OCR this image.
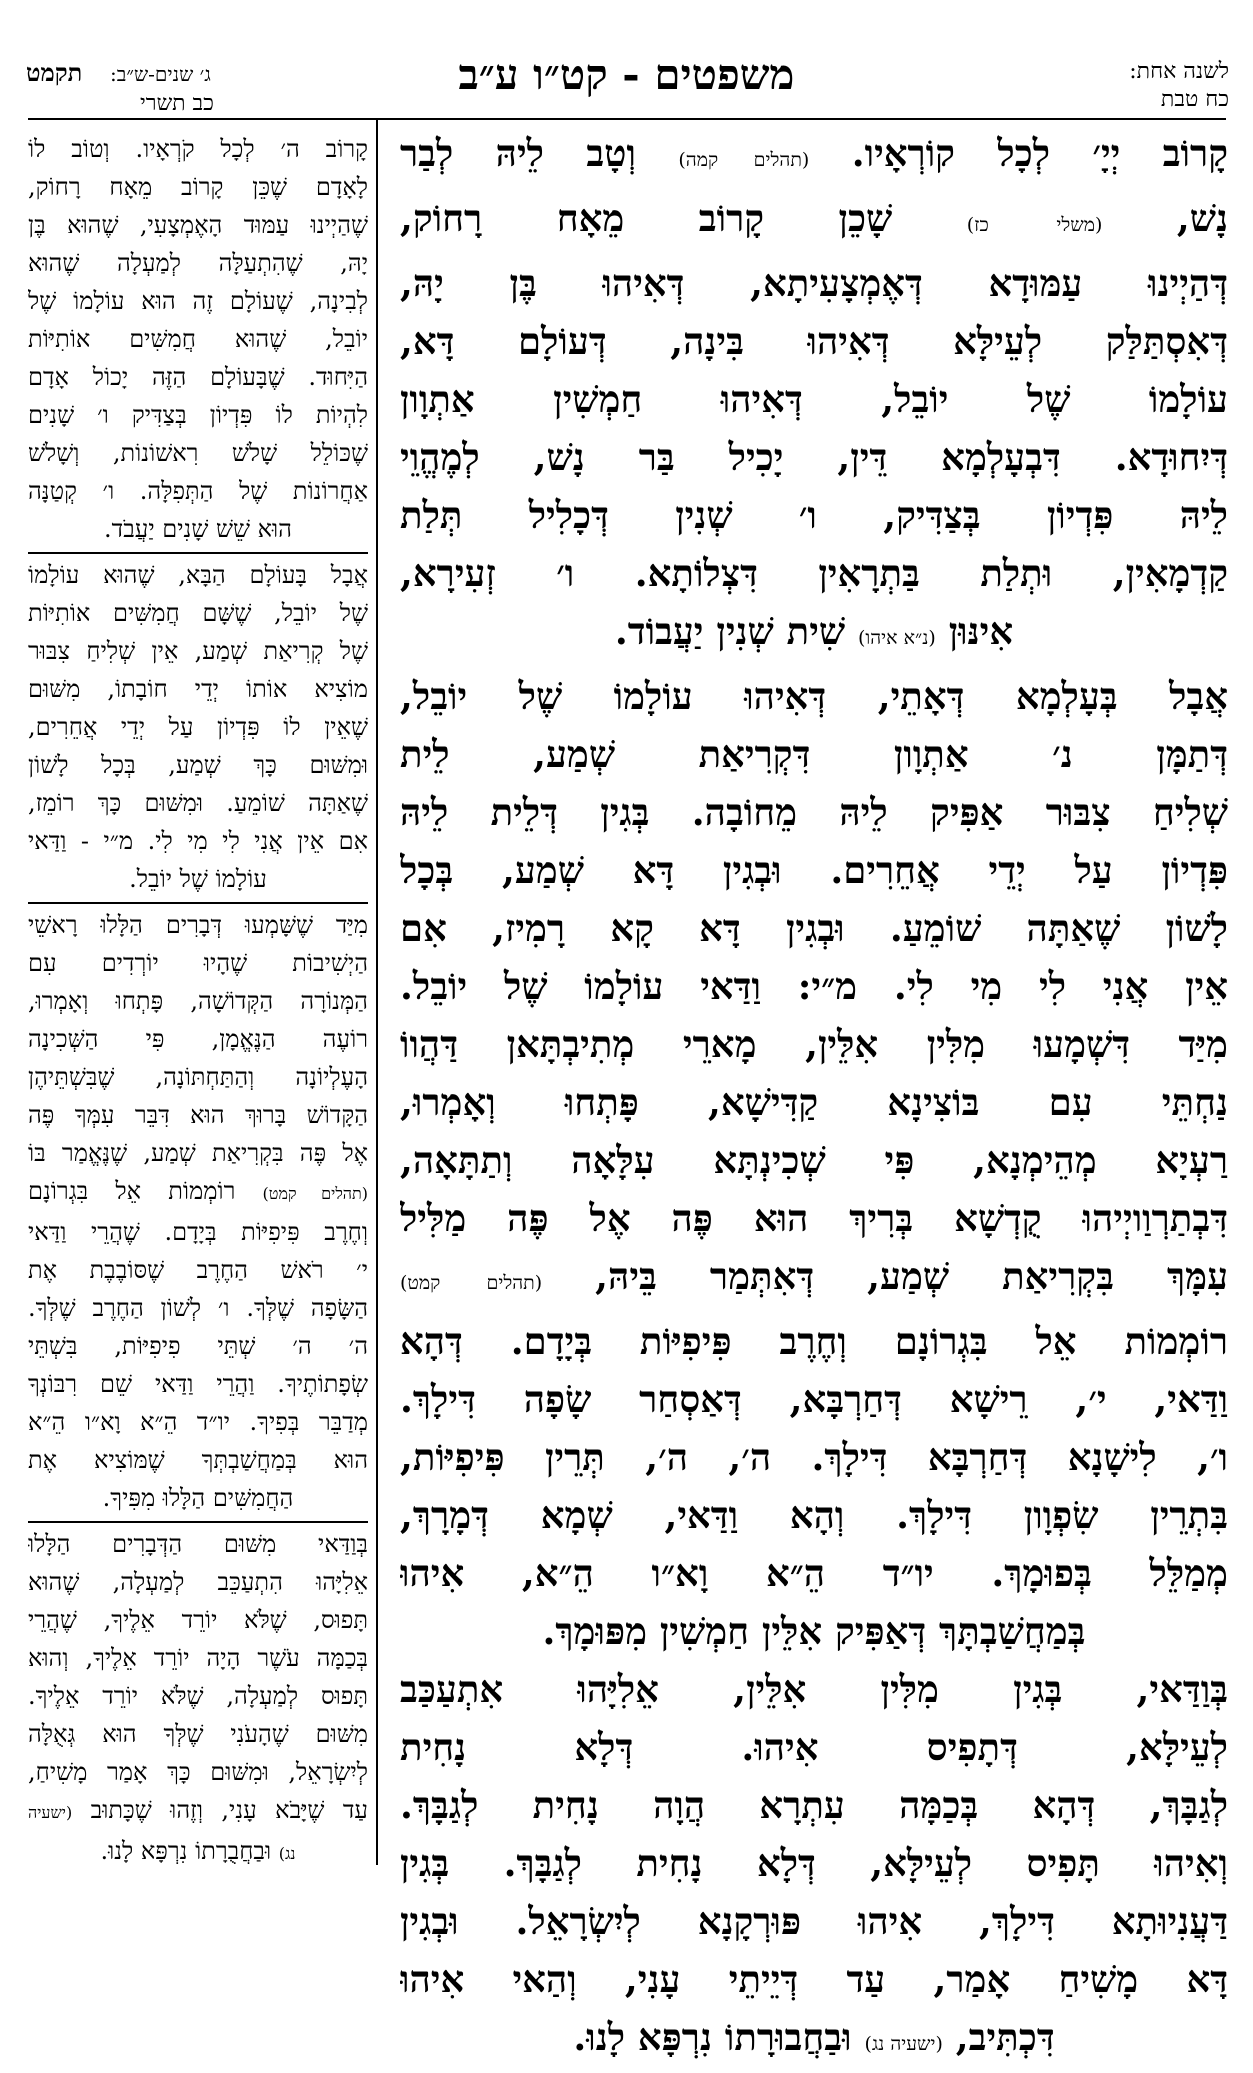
לשנה אחת:
כח טבת
משפטים - קט״ו ע״ב
ג׳ שנים-ש״ב:
תקמט
כב תשרי
קָרוֹב יְיָ׳ לְכָל קוֹרְאָיו. (תהלים קמה) וְטָב לֵיהּ לְבַר
נָשׁ, (משלי כז) שָׁכֵן קָרוֹב מֵאָח רָחוֹק,
דְּהַיְינוּ עַמּוּדָא דְּאֶמְצָעִיתָא, דְּאִיהוּ בֶּן יָהּ,
דְּאִסְתַּלַּק לְעֵילָּא דְּאִיהוּ בִּינָה, דְּעוֹלָם דָּא,
עוֹלָמוֹ שֶׁל יוֹבֵל, דְּאִיהוּ חַמְשִׁין אַתְוָון
דְּיִחוּדָא. דִּבְעָלְמָא דֵּין, יָכִיל בַּר נָשׁ, לְמֶהֱוֵי
לֵיהּ פִּדְיוֹן בְּצַדִּיק, ו׳ שְׁנִין דְּכָלִיל תְּלַת
קַדְמָאִין, וּתְלַת בַּתְרָאִין דִּצְלוֹתָא. ו׳ זְעִירָא,
אִינּוּן (נ״א איהו) שִׁית שְׁנִין יַעֲבוֹד.
אֲבָל בְּעָלְמָא דְּאָתֵי, דְּאִיהוּ עוֹלָמוֹ שֶׁל יוֹבֵל,
דְּתַמָּן נ׳ אַתְוָון דִּקְרִיאַת שְׁמַע, לֵית
שְׁלִיחַ צִבּוּר אַפִּיק לֵיהּ מֵחוֹבָה. בְּגִין דְּלֵית לֵיהּ
פִּדְיוֹן עַל יְדֵי אֲחֵרִים. וּבְגִין דָּא שְׁמַע, בְּכָל
לָשׁוֹן שֶׁאַתָּה שׁוֹמֵעַ. וּבְגִין דָּא קָא רָמִיז, אִם
אֵין אֲנִי לִי מִי לִי. מ״י: וַדַּאי עוֹלָמוֹ שֶׁל יוֹבֵל.
מִיַּד דִּשְׁמָעוּ מִלִּין אִלֵּין, מָארֵי מְתִיבְתָּאן דַּהֲווֹ
נַחְתֵּי עִם בּוֹצִינָא קַדִּישָׁא, פָּתְחוּ וְאָמְרוּ,
רַעְיָא מְהֵימְנָא, פִּי שְׁכִינְתָּא עִלָּאָה וְתַתָּאָה,
דִּבְתַרְוַויְיהוּ קֻדְשָׁא בְּרִיךְ הוּא פֶּה אֶל פֶּה מַלִּיל
עִמָּךְ בִּקְרִיאַת שְׁמַע, דְּאִתְּמַר בֵּיהּ, (תהלים קמט)
רוֹמְמוֹת אֵל בִּגְרוֹנָם וְחֶרֶב פִּיפִיּוֹת בְּיָדָם. דְּהָא
וַדַּאי, י׳, רֵישָׁא דְּחַרְבָּא, דְּאַסְחַר שָׂפָה דִּילָךְ.
ו׳, לִישָׁנָא דְּחַרְבָּא דִּילָךְ. ה׳, ה׳, תְּרֵין פִּיפִיּוֹת,
בִּתְרֵין שִׂפְוָון דִּילָךְ. וְהָא וַדַּאי, שְׁמָא דְּמָרָךְ,
מְמַלֵּל בְּפוּמָךְ. יו״ד הֵ״א וָא״ו הֵ״א, אִיהוּ
בְּמַחֲשַׁבְתָּךְ דְּאַפִּיק אִלֵּין חַמְשִׁין מִפּוּמָךְ.
בְּוַדַּאי, בְּגִין מִלִּין אִלֵּין, אֵלִיָּהוּ אִתְעַכַּב
לְעֵילָּא, דְּתָפִיס אִיהוּ. דְּלָא נָחִית
לְגַבָּךְ, דְּהָא בְּכַמָּה עִתְרָא הֲוָה נָחִית לְגַבָּךְ.
וְאִיהוּ תָּפִיס לְעֵילָּא, דְּלָא נָחִית לְגַבָּךְ. בְּגִין
דַּעֲנִיוּתָא דִּילָךְ, אִיהוּ פּוּרְקָנָא לְיִשְׂרָאֵל. וּבְגִין
דָּא מָשִׁיחַ אָמַר, עַד דְּיֵיתֵי עָנִי, וְהַאי אִיהוּ
דִּכְתִּיב, (ישעיה נג) וּבַחֲבוּרָתוֹ נִרְפָּא לָנוּ.
קָרוֹב ה׳ לְכָל קֹרְאָיו. וְטוֹב לוֹ
לָאָדָם שֶׁכֵּן קָרוֹב מֵאָח רָחוֹק,
שֶׁהַיְינוּ עַמּוּד הָאֶמְצָעִי, שֶׁהוּא בֶּן
יָהּ, שֶׁהִתְעַלָּה לְמַעְלָה שֶׁהוּא
לְבִינָה, שֶׁעוֹלָם זֶה הוּא עוֹלָמוֹ שֶׁל
יוֹבֵל, שֶׁהוּא חֲמִשִּׁים אוֹתִיּוֹת
הַיִּחוּד. שֶׁבָּעוֹלָם הַזֶּה יָכוֹל אָדָם
לִהְיוֹת לוֹ פִּדְיוֹן בְּצַדִּיק ו׳ שָׁנִים
שֶׁכּוֹלֵל שָׁלֹשׁ רִאשׁוֹנוֹת, וְשָׁלֹשׁ
אַחֲרוֹנוֹת שֶׁל הַתְּפִלָּה. ו׳ קְטַנָּה
הוּא שֵׁשׁ שָׁנִים יַעֲבֹד.
אֲבָל בָּעוֹלָם הַבָּא, שֶׁהוּא עוֹלָמוֹ
שֶׁל יוֹבֵל, שֶׁשָּׁם חֲמִשִּׁים אוֹתִיּוֹת
שֶׁל קְרִיאַת שְׁמַע, אֵין שְׁלִיחַ צִבּוּר
מוֹצִיא אוֹתוֹ יְדֵי חוֹבָתוֹ, מִשּׁוּם
שֶׁאֵין לוֹ פִּדְיוֹן עַל יְדֵי אֲחֵרִים,
וּמִשּׁוּם כָּךְ שְׁמַע, בְּכָל לָשׁוֹן
שֶׁאַתָּה שׁוֹמֵעַ. וּמִשּׁוּם כָּךְ רוֹמֵז,
אִם אֵין אֲנִי לִי מִי לִי. מ״י - וַדַּאי
עוֹלָמוֹ שֶׁל יוֹבֵל.
מִיַּד שֶׁשָּׁמְעוּ דְּבָרִים הַלָּלוּ רָאשֵׁי
הַיְשִׁיבוֹת שֶׁהָיוּ יוֹרְדִים עִם
הַמְּנוֹרָה הַקְּדוֹשָׁה, פָּתְחוּ וְאָמְרוּ,
רוֹעֶה הַנֶּאֱמָן, פִּי הַשְּׁכִינָה
הָעֶלְיוֹנָה וְהַתַּחְתּוֹנָה, שֶׁבִּשְׁתֵּיהֶן
הַקָּדוֹשׁ בָּרוּךְ הוּא דִּבֵּר עִמְּךָ פֶּה
אֶל פֶּה בִּקְרִיאַת שְׁמַע, שֶׁנֶּאֱמַר בּוֹ
(תהלים קמט) רוֹמְמוֹת אֵל בִּגְרוֹנָם
וְחֶרֶב פִּיפִיּוֹת בְּיָדָם. שֶׁהֲרֵי וַדַּאי
י׳ רֹאשׁ הַחֶרֶב שֶׁסּוֹבֶבֶת אֶת
הַשָּׂפָה שֶׁלְּךָ. ו׳ לְשׁוֹן הַחֶרֶב שֶׁלְּךָ.
ה׳ ה׳ שְׁתֵּי פִיפִיּוֹת, בִּשְׁתֵּי
שְׂפָתוֹתֶיךָ. וַהֲרֵי וַדַּאי שֵׁם רִבּוֹנְךָ
מְדַבֵּר בְּפִיךָ. יו״ד הֵ״א וָא״ו הֵ״א
הוּא בְּמַחֲשַׁבְתְּךָ שֶׁמּוֹצִיא אֶת
הַחֲמִשִּׁים הַלָּלוּ מִפִּיךָ.
בְּוַדַּאי מִשּׁוּם הַדְּבָרִים הַלָּלוּ
אֵלִיָּהוּ הִתְעַכֵּב לְמַעְלָה, שֶׁהוּא
תָּפוּס, שֶׁלֹּא יוֹרֵד אֵלֶיךָ, שֶׁהֲרֵי
בְּכַמָּה עֹשֶׁר הָיָה יוֹרֵד אֵלֶיךָ, וְהוּא
תָּפוּס לְמַעְלָה, שֶׁלֹּא יוֹרֵד אֵלֶיךָ.
מִשּׁוּם שֶׁהָעֹנִי שֶׁלְּךָ הוּא גְּאֻלָּה
לְיִשְׂרָאֵל, וּמִשּׁוּם כָּךְ אָמַר מָשִׁיחַ,
עַד שֶׁיָּבֹא עָנִי, וְזֶהוּ שֶׁכָּתוּב (ישעיה
נג) וּבַחֲבֻרָתוֹ נִרְפָּא לָנוּ.
